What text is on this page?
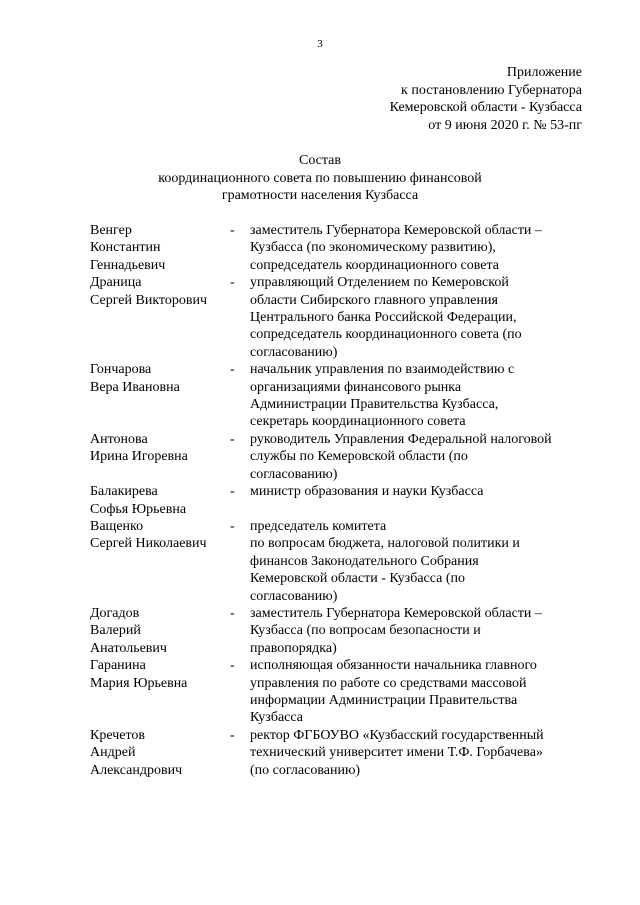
3
Приложение
к постановлению Губернатора
Кемеровской области - Кузбасса
от 9 июня 2020 г. № 53-пг
Состав
координационного совета по повышению финансовой
грамотности населения Кузбасса
Венгер
Константин
Геннадьевич
-	заместитель Губернатора Кемеровской области –
Кузбасса (по экономическому развитию),
сопредседатель координационного совета
Драница
Сергей Викторович
-	управляющий Отделением по Кемеровской
области Сибирского главного управления
Центрального банка Российской Федерации,
сопредседатель координационного совета (по
согласованию)
Гончарова
Вера Ивановна
-	начальник управления по взаимодействию с
организациями финансового рынка
Администрации Правительства Кузбасса,
секретарь координационного совета
Антонова
Ирина Игоревна
-	руководитель Управления Федеральной налоговой
службы по Кемеровской области (по
согласованию)
Балакирева
Софья Юрьевна
-	министр образования и науки Кузбасса
Ващенко
Сергей Николаевич
-	председатель комитета
по вопросам бюджета, налоговой политики и
финансов Законодательного Собрания
Кемеровской области - Кузбасса (по
согласованию)
Догадов
Валерий
Анатольевич
-	заместитель Губернатора Кемеровской области –
Кузбасса (по вопросам безопасности и
правопорядка)
Гаранина
Мария Юрьевна
-	исполняющая обязанности начальника главного
управления по работе со средствами массовой
информации Администрации Правительства
Кузбасса
Кречетов
Андрей
Александрович
-	ректор ФГБОУВО «Кузбасский государственный
технический университет имени Т.Ф. Горбачева»
(по согласованию)
